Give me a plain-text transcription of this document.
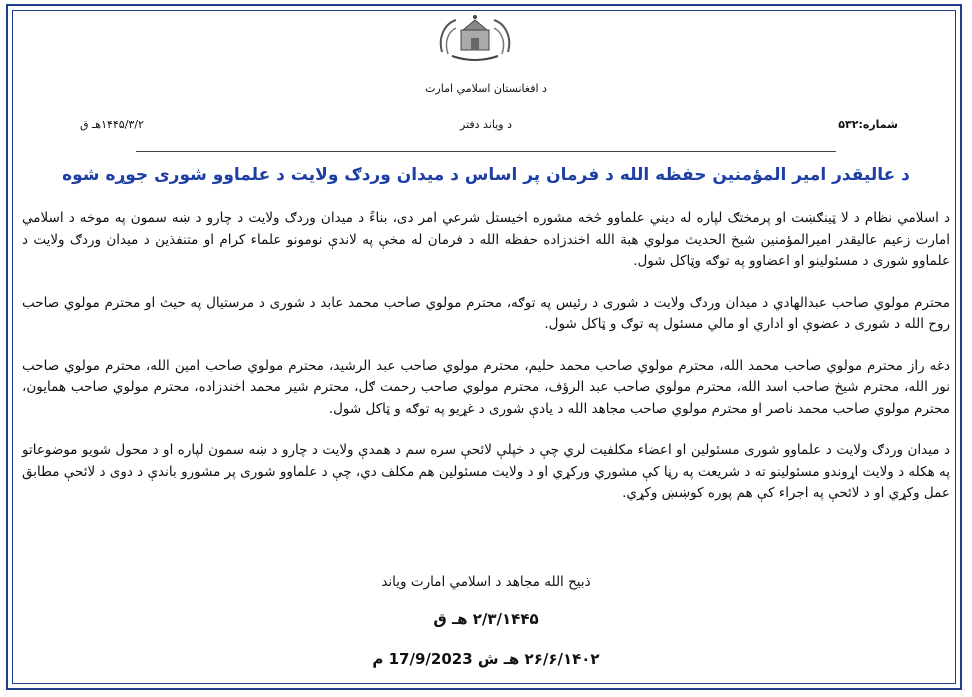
د افغانستان اسلامي امارت
شماره:۵۳۲
د ویاند دفتر
۱۴۴۵/۳/۲هـ ق
د عالیقدر امیر المؤمنین حفظه الله د فرمان پر اساس د میدان وردګ ولایت د علماوو شورى جوړه شوه

د اسلامي نظام د لا ټینګښت او پرمختګ لپاره له دیني علماوو څخه مشوره اخیستل شرعي امر دی، بناءً د میدان وردګ ولایت د چارو د ښه سمون په موخه د اسلامي امارت زعیم عالیقدر امیرالمؤمنین شیخ الحدیث مولوي هبة الله اخندزاده حفظه الله د فرمان له مخې په لاندې نومونو علماء کرام او متنفذین د میدان وردګ ولایت د علماوو شورى د مسئولینو او اعضاوو په توګه وټاکل شول.

محترم مولوي صاحب عبدالهادي د میدان وردګ ولایت د شورى د رئیس په توګه، محترم مولوي صاحب محمد عابد د شورى د مرستیال په حیث او محترم مولوي صاحب روح الله د شورى د عضوې او اداري او مالي مسئول په توګ و ټاکل شول.

دغه راز محترم مولوي صاحب محمد الله، محترم مولوي صاحب محمد حلیم، محترم مولوي صاحب عبد الرشید، محترم مولوي صاحب امین الله، محترم مولوي صاحب نور الله، محترم شیخ صاحب اسد الله، محترم مولوي صاحب عبد الرؤف، محترم مولوي صاحب رحمت ګل، محترم شیر محمد اخندزاده، محترم مولوي صاحب همایون، محترم مولوي صاحب محمد ناصر او محترم مولوي صاحب مجاهد الله د یادې شورى د غړیو په توګه و ټاکل شول.

د میدان وردګ ولایت د علماوو شورى مسئولین او اعضاء مکلفیت لري چې د خپلې لائحې سره سم د همدې ولایت د چارو د ښه سمون لپاره او د محول شویو موضوعاتو په هکله د ولایت اړوندو مسئولینو ته د شریعت په رڼا کې مشوري ورکړي او د ولایت مسئولین هم مکلف دي، چې د علماوو شورى پر مشورو باندې د دوی د لائحې مطابق عمل وکړي او د لائحې په اجراء کې هم پوره کوښښ وکړي.

ذبیح الله مجاهد د اسلامي امارت ویاند
۲/۳/۱۴۴۵ هـ ق
۲۶/۶/۱۴۰۲ هـ ش 17/9/2023 م
